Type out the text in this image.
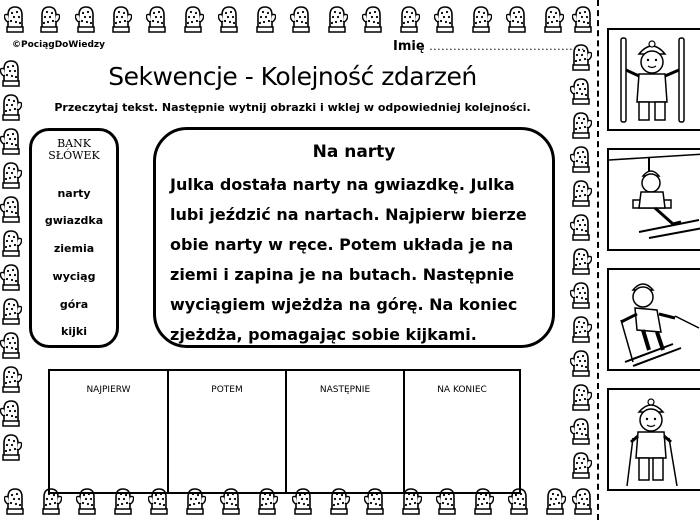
©PociągDoWiedzy	Imię .......................................
Sekwencje - Kolejność zdarzeń
Przeczytaj tekst. Następnie wytnij obrazki i wklej w odpowiedniej kolejności.
BANK
SŁÓWEK
narty
gwiazdka
ziemia
wyciąg
góra
kijki
Na narty
Julka dostała narty na gwiazdkę. Julka
lubi jeździć na nartach. Najpierw bierze
obie narty w ręce. Potem układa je na
ziemi i zapina je na butach. Następnie
wyciągiem wjeżdża na górę. Na koniec
zjeżdża, pomagając sobie kijkami.
NAJPIERW	POTEM	NASTĘPNIE	NA KONIEC
